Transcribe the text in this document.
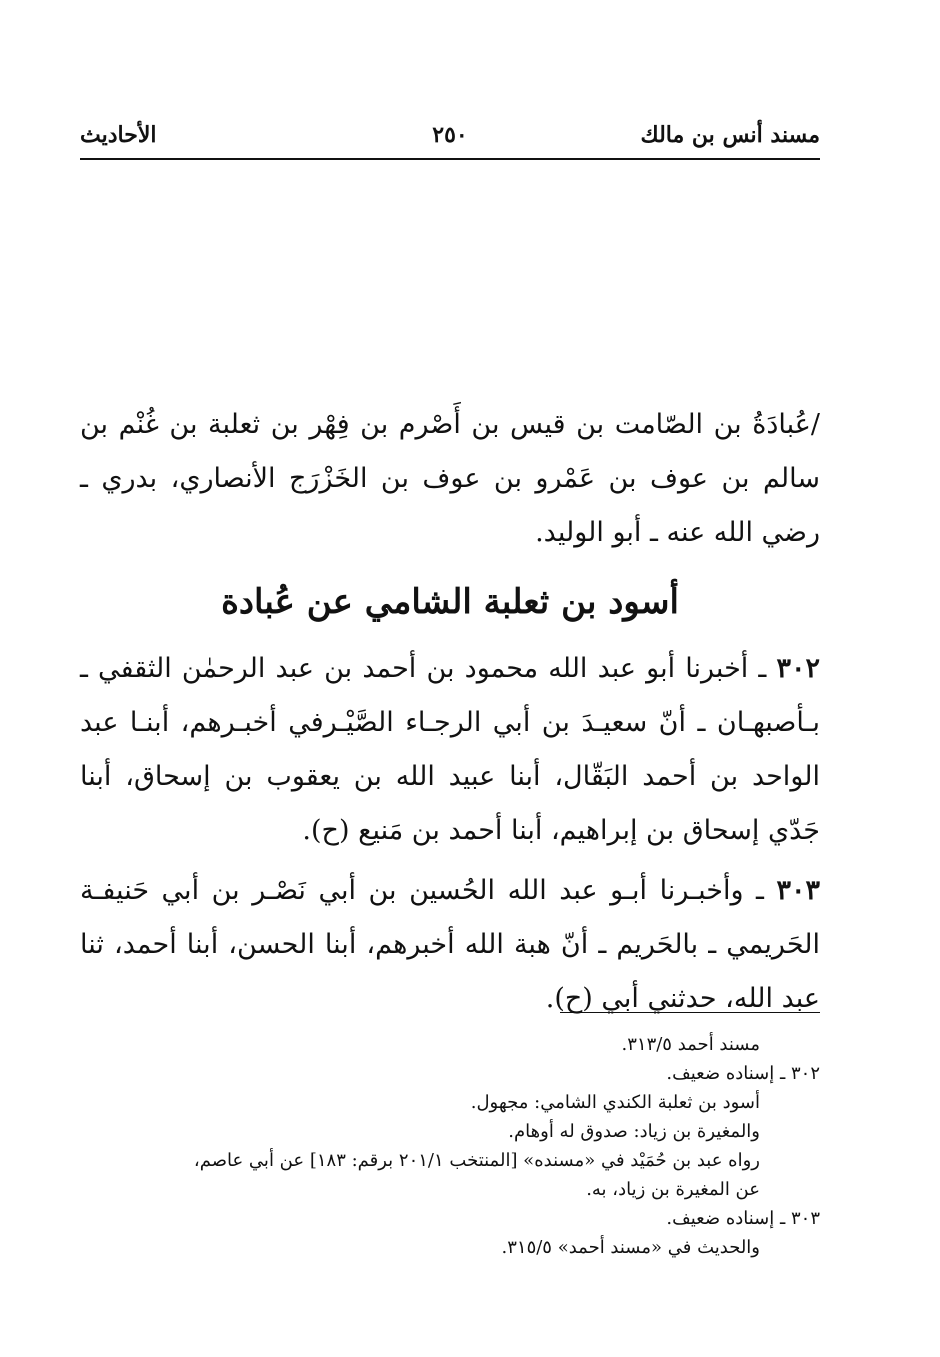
مسند أنس بن مالك
٢٥٠
الأحاديث

/عُبادَةُ بن الصّامت بن قيس بن أَصْرم بن فِهْر بن ثعلبة بن غُنْم بن سالم بن عوف بن عَمْرو بن عوف بن الخَزْرَج الأنصاري، بدري ـ رضي الله عنه ـ أبو الوليد.

أسود بن ثعلبة الشامي عن عُبادة

٣٠٢ ـ أخبرنا أبو عبد الله محمود بن أحمد بن عبد الرحمٰن الثقفي ـ بـأصبهـان ـ أنّ سعيـدَ بن أبي الرجـاء الصَّيْـرفي أخبـرهم، أبنـا عبد الواحد بن أحمد البَقّال، أبنا عبيد الله بن يعقوب بن إسحاق، أبنا جَدّي إسحاق بن إبراهيم، أبنا أحمد بن مَنيع (ح).

٣٠٣ ـ وأخبـرنا أبـو عبد الله الحُسين بن أبي نَصْـر بن أبي حَنيفـة الحَريمي ـ بالحَريم ـ أنّ هبة الله أخبرهم، أبنا الحسن، أبنا أحمد، ثنا عبد الله، حدثني أبي (ح).

مسند أحمد ٣١٣/٥.

٣٠٢ ـ إسناده ضعيف.

أسود بن ثعلبة الكندي الشامي: مجهول.

والمغيرة بن زياد: صدوق له أوهام.

رواه عبد بن حُمَيْد في «مسنده» [المنتخب ٢٠١/١ برقم: ١٨٣] عن أبي عاصم،

عن المغيرة بن زياد، به.

٣٠٣ ـ إسناده ضعيف.

والحديث في «مسند أحمد» ٣١٥/٥.
